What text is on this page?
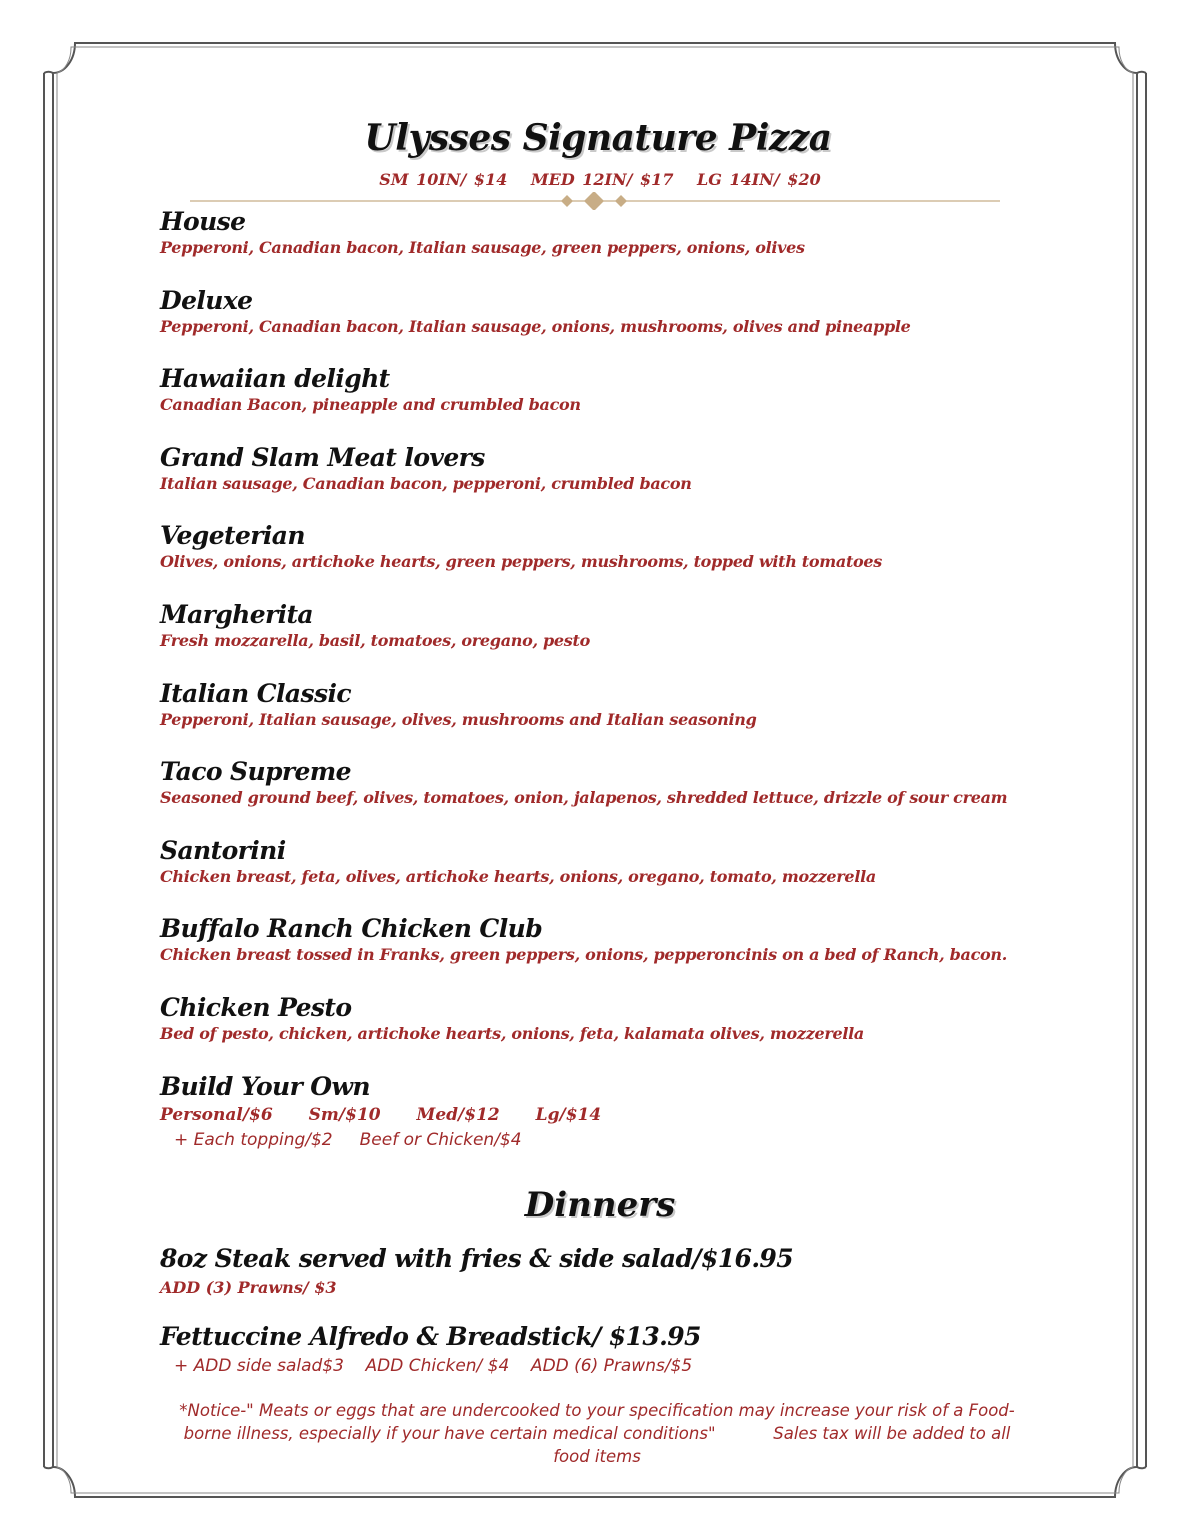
Ulysses Signature Pizza
SM 10IN/ $14 MED 12IN/ $17 LG 14IN/ $20
House
Pepperoni, Canadian bacon, Italian sausage, green peppers, onions, olives
Deluxe
Pepperoni, Canadian bacon, Italian sausage, onions, mushrooms, olives and pineapple
Hawaiian delight
Canadian Bacon, pineapple and crumbled bacon
Grand Slam Meat lovers
Italian sausage, Canadian bacon, pepperoni, crumbled bacon
Vegeterian
Olives, onions, artichoke hearts, green peppers, mushrooms, topped with tomatoes
Margherita
Fresh mozzarella, basil, tomatoes, oregano, pesto
Italian Classic
Pepperoni, Italian sausage, olives, mushrooms and Italian seasoning
Taco Supreme
Seasoned ground beef, olives, tomatoes, onion, jalapenos, shredded lettuce, drizzle of sour cream
Santorini
Chicken breast, feta, olives, artichoke hearts, onions, oregano, tomato, mozzerella
Buffalo Ranch Chicken Club
Chicken breast tossed in Franks, green peppers, onions, pepperoncinis on a bed of Ranch, bacon.
Chicken Pesto
Bed of pesto, chicken, artichoke hearts, onions, feta, kalamata olives, mozzerella
Build Your Own
Personal/$6 Sm/$10 Med/$12 Lg/$14
+ Each topping/$2     Beef or Chicken/$4
Dinners
8oz Steak served with fries & side salad/$16.95
ADD (3) Prawns/ $3
Fettuccine Alfredo & Breadstick/ $13.95
+ ADD side salad$3    ADD Chicken/ $4    ADD (6) Prawns/$5
*Notice-" Meats or eggs that are undercooked to your specification may increase your risk of a Food-borne illness, especially if your have certain medical conditions"           Sales tax will be added to all food items
